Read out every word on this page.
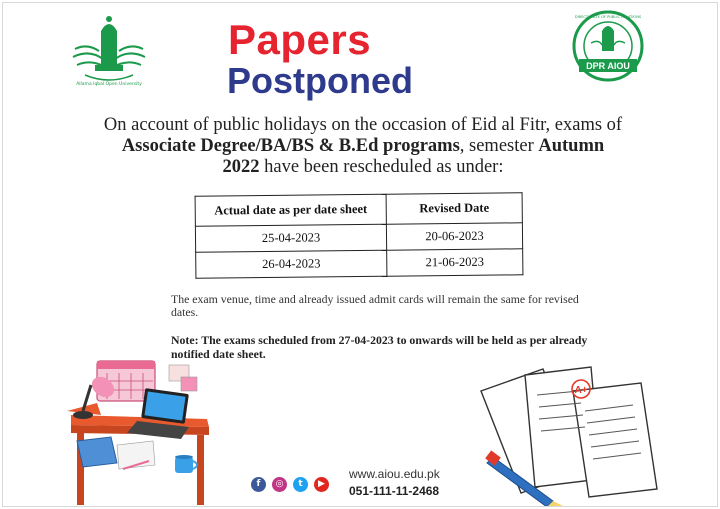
Allama Iqbal Open University
DPR AIOU
DIRECTORATE OF PUBLIC RELATIONS
Papers
Postponed
On account of public holidays on the occasion of Eid al Fitr, exams of Associate Degree/BA/BS & B.Ed programs, semester Autumn 2022 have been rescheduled as under:
Actual date as per date sheet	Revised Date
25-04-2023	20-06-2023
26-04-2023	21-06-2023
The exam venue, time and already issued admit cards will remain the same for revised dates.
Note: The exams scheduled from 27-04-2023 to onwards will be held as per already notified date sheet.
A+
f ◎ t ▶
www.aiou.edu.pk
051-111-11-2468
